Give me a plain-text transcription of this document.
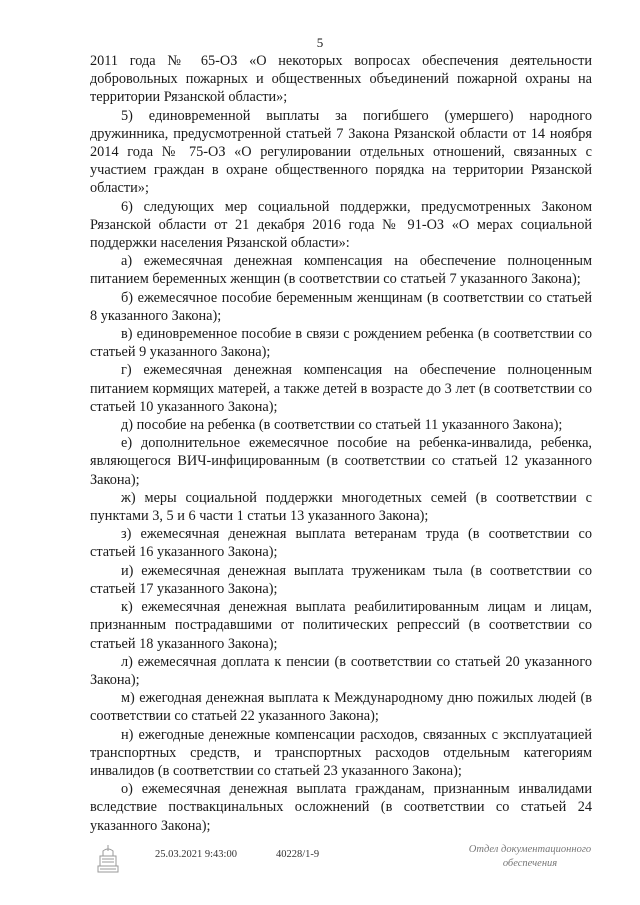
5

2011 года № 65-ОЗ «О некоторых вопросах обеспечения деятельности добровольных пожарных и общественных объединений пожарной охраны на территории Рязанской области»;

5) единовременной выплаты за погибшего (умершего) народного дружинника, предусмотренной статьей 7 Закона Рязанской области от 14 ноября 2014 года № 75-ОЗ «О регулировании отдельных отношений, связанных с участием граждан в охране общественного порядка на территории Рязанской области»;

6) следующих мер социальной поддержки, предусмотренных Законом Рязанской области от 21 декабря 2016 года № 91-ОЗ «О мерах социальной поддержки населения Рязанской области»:

а) ежемесячная денежная компенсация на обеспечение полноценным питанием беременных женщин (в соответствии со статьей 7 указанного Закона);

б) ежемесячное пособие беременным женщинам (в соответствии со статьей 8 указанного Закона);

в) единовременное пособие в связи с рождением ребенка (в соответствии со статьей 9 указанного Закона);

г) ежемесячная денежная компенсация на обеспечение полноценным питанием кормящих матерей, а также детей в возрасте до 3 лет (в соответствии со статьей 10 указанного Закона);

д) пособие на ребенка (в соответствии со статьей 11 указанного Закона);

е) дополнительное ежемесячное пособие на ребенка-инвалида, ребенка, являющегося ВИЧ-инфицированным (в соответствии со статьей 12 указанного Закона);

ж) меры социальной поддержки многодетных семей (в соответствии с пунктами 3, 5 и 6 части 1 статьи 13 указанного Закона);

з) ежемесячная денежная выплата ветеранам труда (в соответствии со статьей 16 указанного Закона);

и) ежемесячная денежная выплата труженикам тыла (в соответствии со статьей 17 указанного Закона);

к) ежемесячная денежная выплата реабилитированным лицам и лицам, признанным пострадавшими от политических репрессий (в соответствии со статьей 18 указанного Закона);

л) ежемесячная доплата к пенсии (в соответствии со статьей 20 указанного Закона);

м) ежегодная денежная выплата к Международному дню пожилых людей (в соответствии со статьей 22 указанного Закона);

н) ежегодные денежные компенсации расходов, связанных с эксплуатацией транспортных средств, и транспортных расходов отдельным категориям инвалидов (в соответствии со статьей 23 указанного Закона);

о) ежемесячная денежная выплата гражданам, признанным инвалидами вследствие поствакцинальных осложнений (в соответствии со статьей 24 указанного Закона);

25.03.2021 9:43:00	40228/1-9	Отдел документационного
обеспечения
